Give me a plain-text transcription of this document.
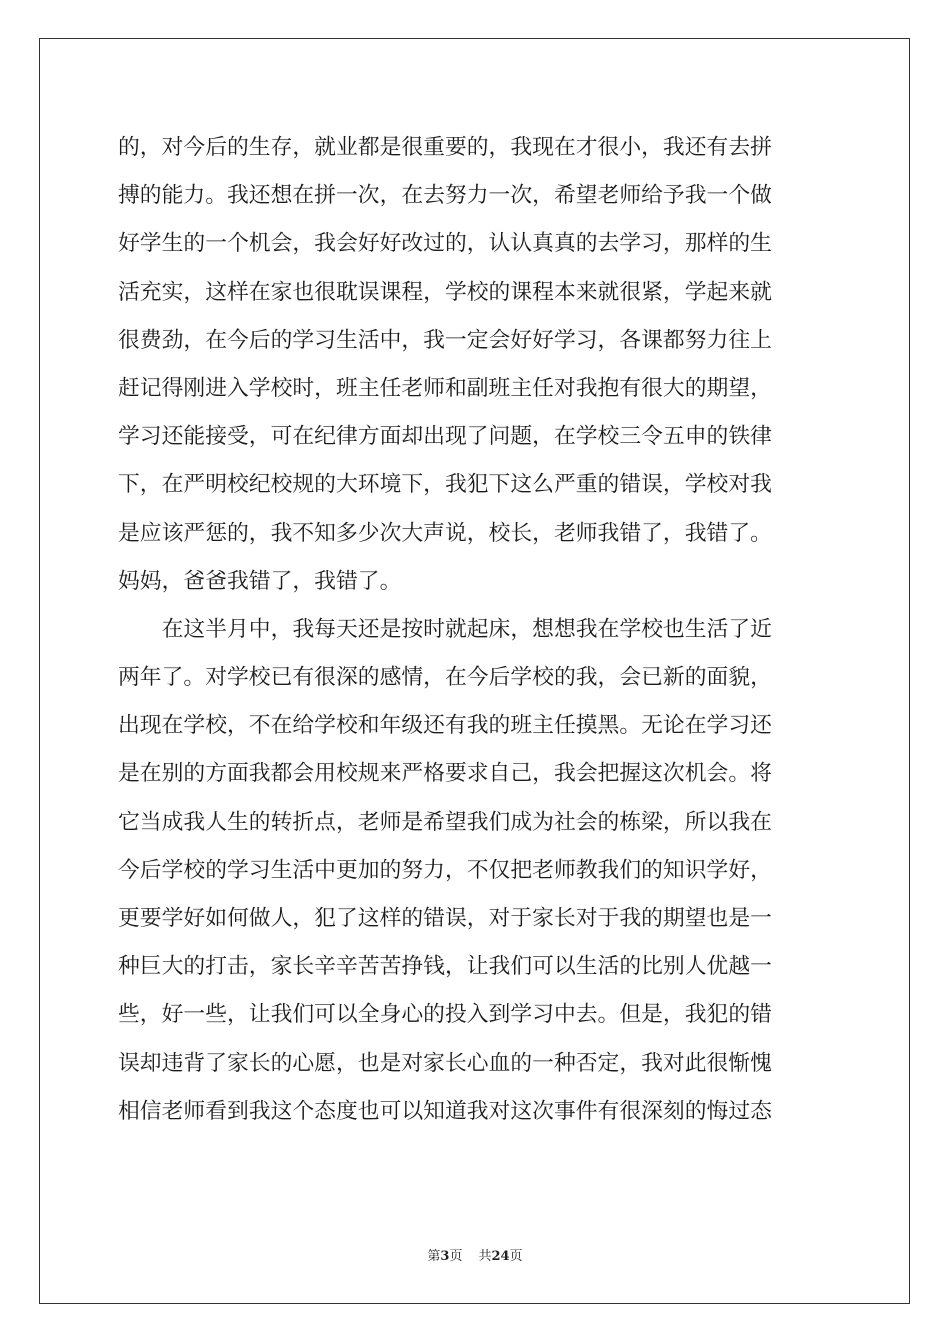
的，对今后的生存，就业都是很重要的，我现在才很小，我还有去拼
搏的能力。我还想在拼一次，在去努力一次，希望老师给予我一个做
好学生的一个机会，我会好好改过的，认认真真的去学习，那样的生
活充实，这样在家也很耽误课程，学校的课程本来就很紧，学起来就
很费劲，在今后的学习生活中，我一定会好好学习，各课都努力往上
赶记得刚进入学校时，班主任老师和副班主任对我抱有很大的期望，
学习还能接受，可在纪律方面却出现了问题，在学校三令五申的铁律
下，在严明校纪校规的大环境下，我犯下这么严重的错误，学校对我
是应该严惩的，我不知多少次大声说，校长，老师我错了，我错了。
妈妈，爸爸我错了，我错了。
　　在这半月中，我每天还是按时就起床，想想我在学校也生活了近
两年了。对学校已有很深的感情，在今后学校的我，会已新的面貌，
出现在学校，不在给学校和年级还有我的班主任摸黑。无论在学习还
是在别的方面我都会用校规来严格要求自己，我会把握这次机会。将
它当成我人生的转折点，老师是希望我们成为社会的栋梁，所以我在
今后学校的学习生活中更加的努力，不仅把老师教我们的知识学好，
更要学好如何做人，犯了这样的错误，对于家长对于我的期望也是一
种巨大的打击，家长辛辛苦苦挣钱，让我们可以生活的比别人优越一
些，好一些，让我们可以全身心的投入到学习中去。但是，我犯的错
误却违背了家长的心愿，也是对家长心血的一种否定，我对此很惭愧
相信老师看到我这个态度也可以知道我对这次事件有很深刻的悔过态
第3页 共24页
